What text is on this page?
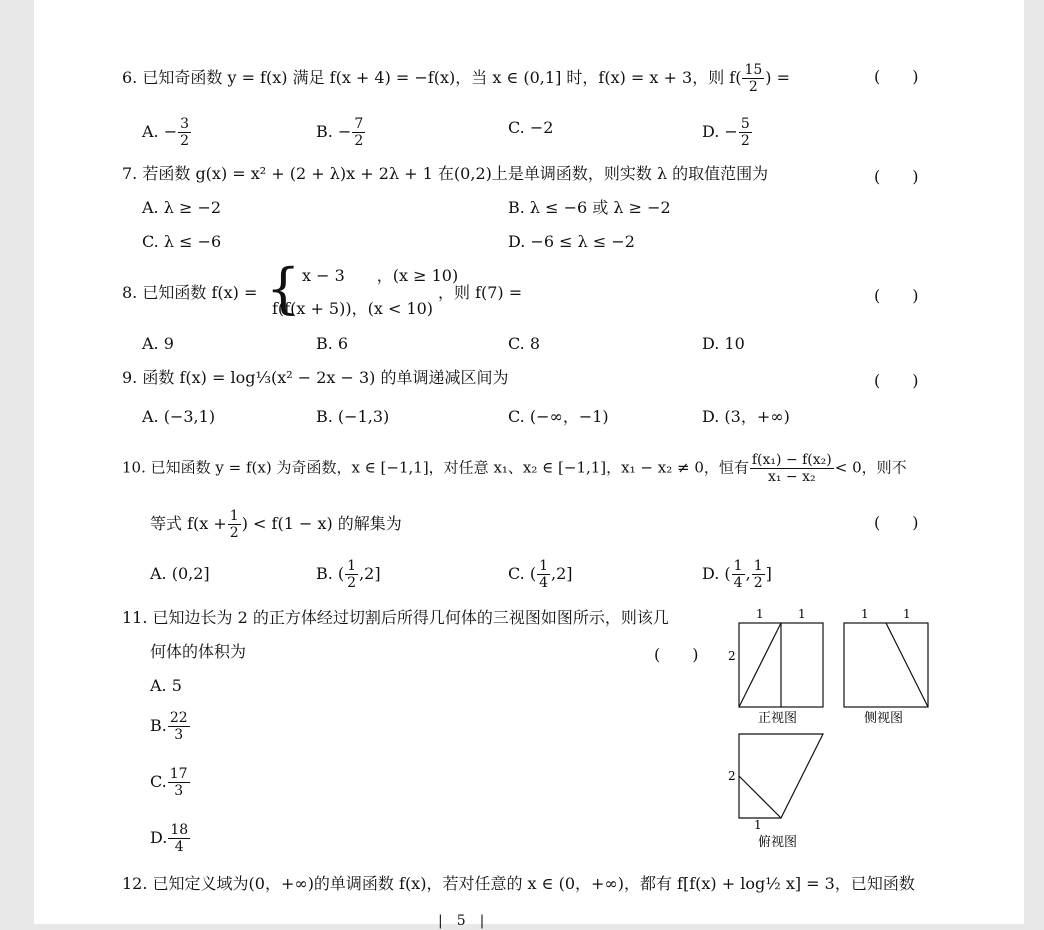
6. 已知奇函数 y = f(x) 满足 f(x + 4) = −f(x)，当 x ∈ (0,1] 时，f(x) = x + 3，则 $f( \frac{15}{2}$ ) =	(　　)
A. − $\frac{3}{2}$	B. − $\frac{7}{2}$	C. −2	D. − $\frac{5}{2}$
7. 若函数 g(x) = x² + (2 + λ)x + 2λ + 1 在(0,2)上是单调函数，则实数 λ 的取值范围为	(　　)
A. λ ≥ −2	B. λ ≤ −6 或 λ ≥ −2
C. λ ≤ −6	D. −6 ≤ λ ≤ −2
8. 已知函数 f(x) = { x − 3　　，(x ≥ 10)
f(f(x + 5))，(x < 10)
，则 f(7) =	(　　)
A. 9	B. 6	C. 8	D. 10
9. 函数 f(x) = log⅓(x² − 2x − 3) 的单调递减区间为	(　　)
A. (−3,1)	B. (−1,3)	C. (−∞，−1)	D. (3，+∞)
10. 已知函数 y = f(x) 为奇函数，x ∈ [−1,1]，对任意 x₁、x₂ ∈ [−1,1]，x₁ − x₂ ≠ 0，恒有 $\frac{\text{f(x₁) − f(x₂)}}{\text{x₁ − x₂}} < 0$，则不
等式 $f(x + \frac{1}{2}$ ) < f(1 − x) 的解集为	(　　)
A. (0,2]	B. ( $\frac{1}{2} ,2$]	C. ( $\frac{1}{4} ,2$]	D. ( $\frac{1}{4}$ , $\frac{1}{2}$ ]
11. 已知边长为 2 的正方体经过切割后所得几何体的三视图如图所示，则该几
何体的体积为	(　　)
A. 5
B. $\frac{22}{3}$
C. $\frac{17}{3}$
D. $\frac{18}{4}$
1	1
2
正视图
1	1
侧视图
2
1
俯视图
12. 已知定义域为(0，+∞)的单调函数 f(x)，若对任意的 x ∈ (0，+∞)，都有 f[f(x) + log½ x] = 3，已知函数
|　5　|
